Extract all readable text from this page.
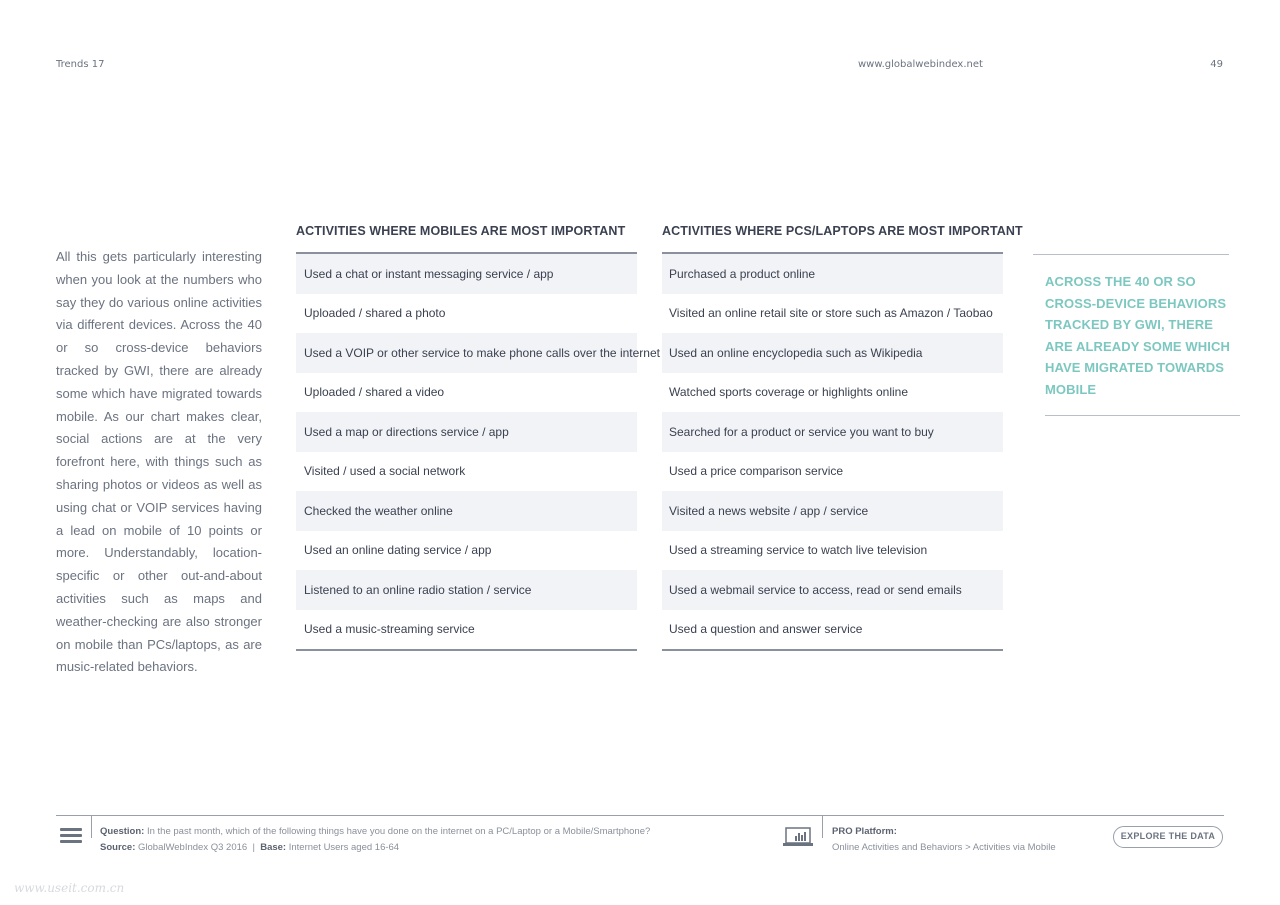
Trends 17	www.globalwebindex.net	49
All this gets particularly interesting when you look at the numbers who say they do various online activities via different devices. Across the 40 or so cross-device behaviors tracked by GWI, there are already some which have migrated towards mobile. As our chart makes clear, social actions are at the very forefront here, with things such as sharing photos or videos as well as using chat or VOIP services having a lead on mobile of 10 points or more. Understandably, location-specific or other out-and-about activities such as maps and weather-checking are also stronger on mobile than PCs/laptops, as are music-related behaviors.
ACTIVITIES WHERE MOBILES ARE MOST IMPORTANT
Used a chat or instant messaging service / app
Uploaded / shared a photo
Used a VOIP or other service to make phone calls over the internet
Uploaded / shared a video
Used a map or directions service / app
Visited / used a social network
Checked the weather online
Used an online dating service / app
Listened to an online radio station / service
Used a music-streaming service
ACTIVITIES WHERE PCS/LAPTOPS ARE MOST IMPORTANT
Purchased a product online
Visited an online retail site or store such as Amazon / Taobao
Used an online encyclopedia such as Wikipedia
Watched sports coverage or highlights online
Searched for a product or service you want to buy
Used a price comparison service
Visited a news website / app / service
Used a streaming service to watch live television
Used a webmail service to access, read or send emails
Used a question and answer service
ACROSS THE 40 OR SO CROSS-DEVICE BEHAVIORS TRACKED BY GWI, THERE ARE ALREADY SOME WHICH HAVE MIGRATED TOWARDS MOBILE
Question: In the past month, which of the following things have you done on the internet on a PC/Laptop or a Mobile/Smartphone?
Source: GlobalWebIndex Q3 2016 | Base: Internet Users aged 16-64
PRO Platform:
Online Activities and Behaviors > Activities via Mobile
EXPLORE THE DATA
www.useit.com.cn
